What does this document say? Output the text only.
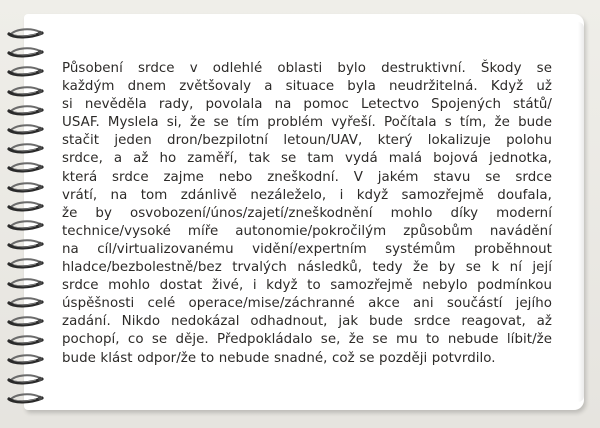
Působení srdce v odlehlé oblasti bylo destruktivní. Škody se
každým dnem zvětšovaly a situace byla neudržitelná. Když už
si nevěděla rady, povolala na pomoc Letectvo Spojených států/
USAF. Myslela si, že se tím problém vyřeší. Počítala s tím, že bude
stačit jeden dron/bezpilotní letoun/UAV, který lokalizuje polohu
srdce, a až ho zaměří, tak se tam vydá malá bojová jednotka,
která srdce zajme nebo zneškodní. V jakém stavu se srdce
vrátí, na tom zdánlivě nezáleželo, i když samozřejmě doufala,
že by osvobození/únos/zajetí/zneškodnění mohlo díky moderní
technice/vysoké míře autonomie/pokročilým způsobům navádění
na cíl/virtualizovanému vidění/expertním systémům proběhnout
hladce/bezbolestně/bez trvalých následků, tedy že by se k ní její
srdce mohlo dostat živé, i když to samozřejmě nebylo podmínkou
úspěšnosti celé operace/mise/záchranné akce ani součástí jejího
zadání. Nikdo nedokázal odhadnout, jak bude srdce reagovat, až
pochopí, co se děje. Předpokládalo se, že se mu to nebude líbit/že
bude klást odpor/že to nebude snadné, což se později potvrdilo.
